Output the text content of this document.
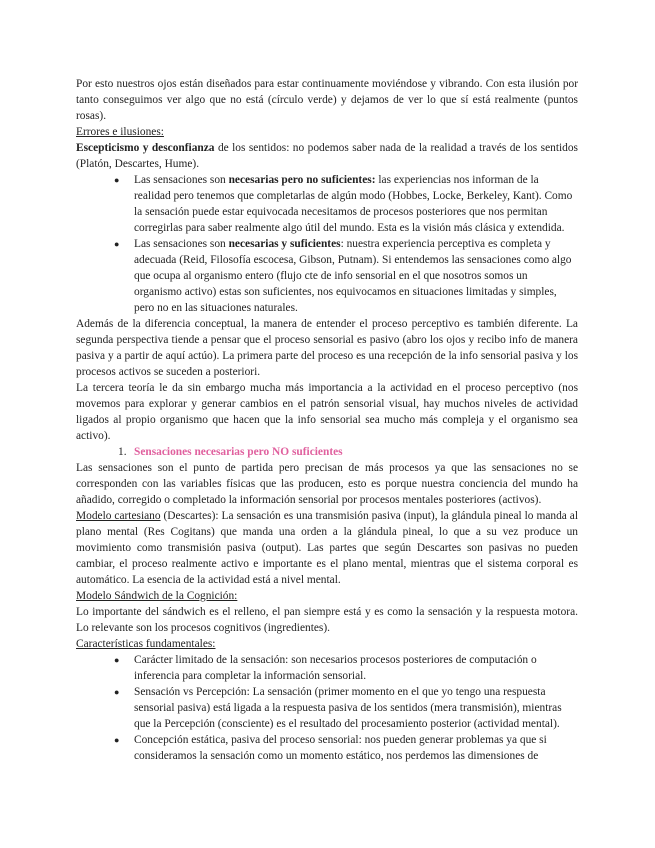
Por esto nuestros ojos están diseñados para estar continuamente moviéndose y vibrando. Con esta ilusión por tanto conseguimos ver algo que no está (círculo verde) y dejamos de ver lo que sí está realmente (puntos rosas).

Errores e ilusiones:

Escepticismo y desconfianza de los sentidos: no podemos saber nada de la realidad a través de los sentidos (Platón, Descartes, Hume).

● Las sensaciones son necesarias pero no suficientes: las experiencias nos informan de la realidad pero tenemos que completarlas de algún modo (Hobbes, Locke, Berkeley, Kant). Como la sensación puede estar equivocada necesitamos de procesos posteriores que nos permitan corregirlas para saber realmente algo útil del mundo. Esta es la visión más clásica y extendida.
● Las sensaciones son necesarias y suficientes: nuestra experiencia perceptiva es completa y adecuada (Reid, Filosofía escocesa, Gibson, Putnam). Si entendemos las sensaciones como algo que ocupa al organismo entero (flujo cte de info sensorial en el que nosotros somos un organismo activo) estas son suficientes, nos equivocamos en situaciones limitadas y simples, pero no en las situaciones naturales.

Además de la diferencia conceptual, la manera de entender el proceso perceptivo es también diferente. La segunda perspectiva tiende a pensar que el proceso sensorial es pasivo (abro los ojos y recibo info de manera pasiva y a partir de aquí actúo). La primera parte del proceso es una recepción de la info sensorial pasiva y los procesos activos se suceden a posteriori.

La tercera teoría le da sin embargo mucha más importancia a la actividad en el proceso perceptivo (nos movemos para explorar y generar cambios en el patrón sensorial visual, hay muchos niveles de actividad ligados al propio organismo que hacen que la info sensorial sea mucho más compleja y el organismo sea activo).

1. Sensaciones necesarias pero NO suficientes

Las sensaciones son el punto de partida pero precisan de más procesos ya que las sensaciones no se corresponden con las variables físicas que las producen, esto es porque nuestra conciencia del mundo ha añadido, corregido o completado la información sensorial por procesos mentales posteriores (activos).

Modelo cartesiano (Descartes): La sensación es una transmisión pasiva (input), la glándula pineal lo manda al plano mental (Res Cogitans) que manda una orden a la glándula pineal, lo que a su vez produce un movimiento como transmisión pasiva (output). Las partes que según Descartes son pasivas no pueden cambiar, el proceso realmente activo e importante es el plano mental, mientras que el sistema corporal es automático. La esencia de la actividad está a nivel mental.

Modelo Sándwich de la Cognición:

Lo importante del sándwich es el relleno, el pan siempre está y es como la sensación y la respuesta motora. Lo relevante son los procesos cognitivos (ingredientes).

Características fundamentales:

● Carácter limitado de la sensación: son necesarios procesos posteriores de computación o inferencia para completar la información sensorial.
● Sensación vs Percepción: La sensación (primer momento en el que yo tengo una respuesta sensorial pasiva) está ligada a la respuesta pasiva de los sentidos (mera transmisión), mientras que la Percepción (consciente) es el resultado del procesamiento posterior (actividad mental).
● Concepción estática, pasiva del proceso sensorial: nos pueden generar problemas ya que si consideramos la sensación como un momento estático, nos perdemos las dimensiones de
